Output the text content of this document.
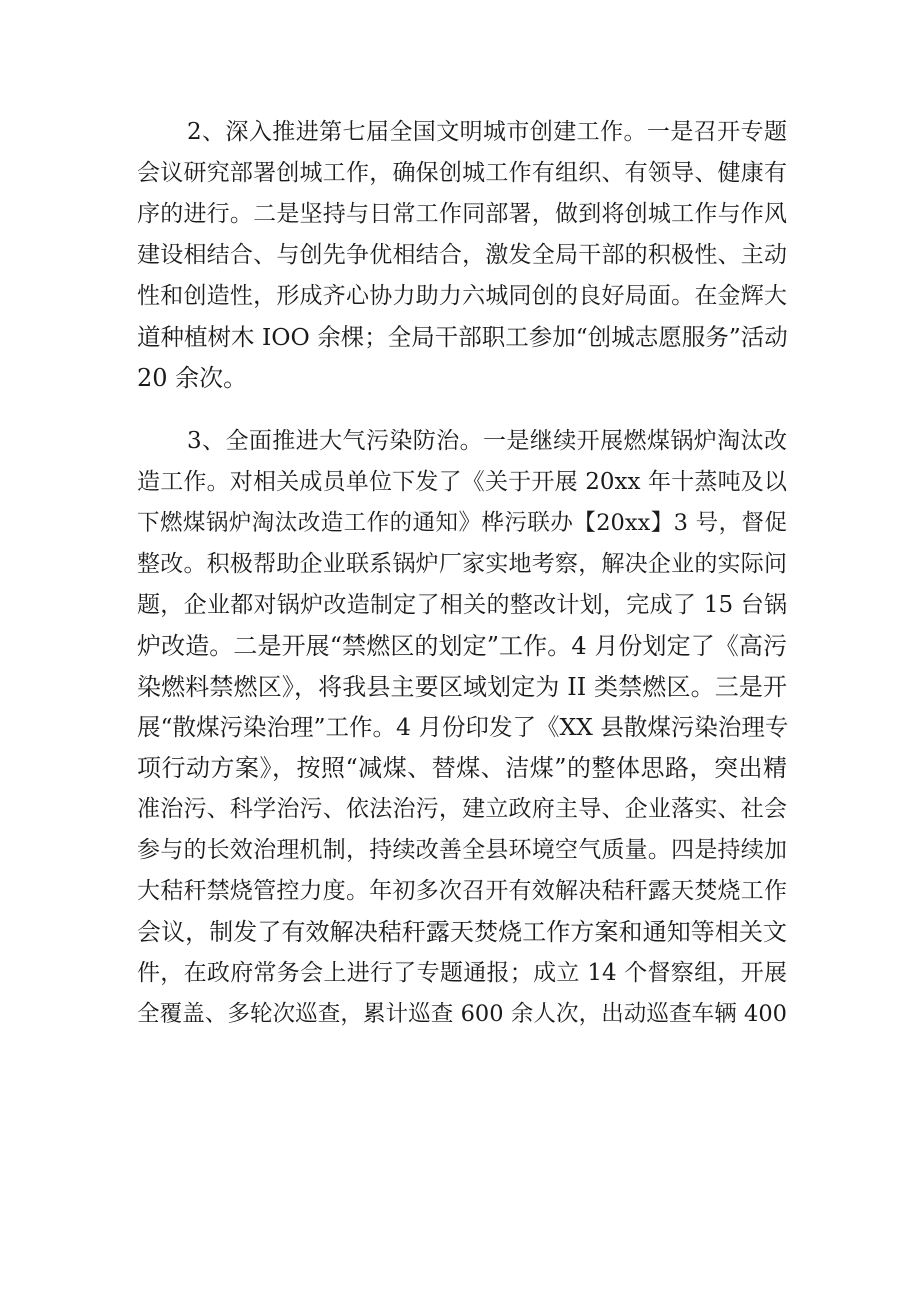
2、深入推进第七届全国文明城市创建工作。一是召开专题
会议研究部署创城工作，确保创城工作有组织、有领导、健康有
序的进行。二是坚持与日常工作同部署，做到将创城工作与作风
建设相结合、与创先争优相结合，激发全局干部的积极性、主动
性和创造性，形成齐心协力助力六城同创的良好局面。在金辉大
道种植树木 IOO 余棵；全局干部职工参加“创城志愿服务”活动
20 余次。
3、全面推进大气污染防治。一是继续开展燃煤锅炉淘汰改
造工作。对相关成员单位下发了《关于开展 20xx 年十蒸吨及以
下燃煤锅炉淘汰改造工作的通知》桦污联办【20xx】3 号，督促
整改。积极帮助企业联系锅炉厂家实地考察，解决企业的实际问
题，企业都对锅炉改造制定了相关的整改计划，完成了 15 台锅
炉改造。二是开展“禁燃区的划定”工作。4 月份划定了《高污
染燃料禁燃区》，将我县主要区域划定为 II 类禁燃区。三是开
展“散煤污染治理”工作。4 月份印发了《XX 县散煤污染治理专
项行动方案》，按照“减煤、替煤、洁煤”的整体思路，突出精
准治污、科学治污、依法治污，建立政府主导、企业落实、社会
参与的长效治理机制，持续改善全县环境空气质量。四是持续加
大秸秆禁烧管控力度。年初多次召开有效解决秸秆露天焚烧工作
会议，制发了有效解决秸秆露天焚烧工作方案和通知等相关文
件，在政府常务会上进行了专题通报；成立 14 个督察组，开展
全覆盖、多轮次巡查，累计巡查 600 余人次，出动巡查车辆 400
